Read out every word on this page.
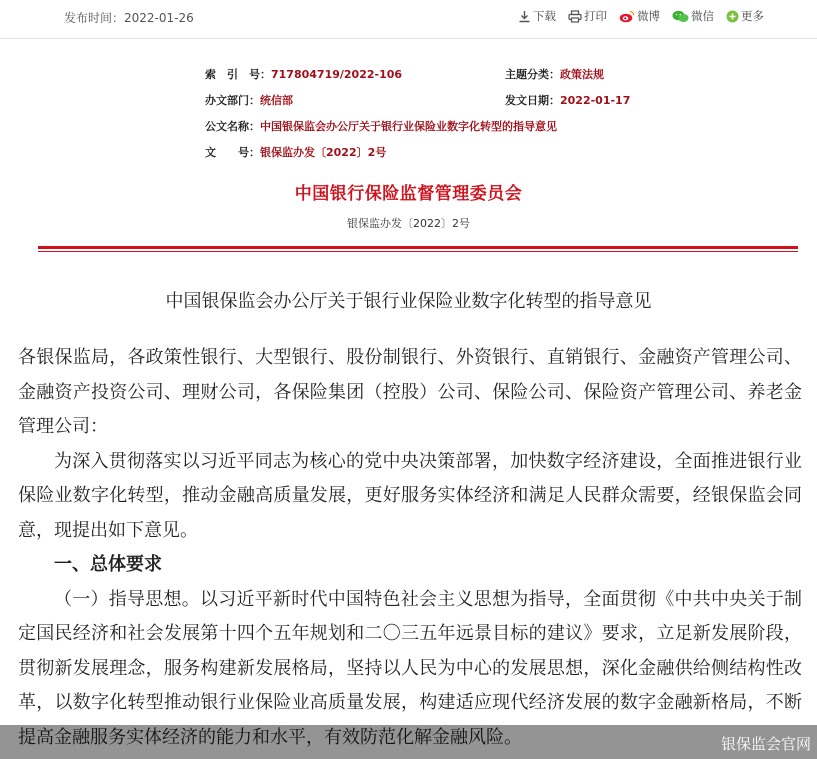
发布时间：2022-01-26	下载 打印	微博	微信 更多
索　引　号：717804719/2022-106	主题分类：政策法规
办文部门：统信部	发文日期：2022-01-17
公文名称：中国银保监会办公厅关于银行业保险业数字化转型的指导意见
文　　号：银保监办发〔2022〕2号
中国银行保险监督管理委员会
银保监办发〔2022〕2号
中国银保监会办公厅关于银行业保险业数字化转型的指导意见

各银保监局，各政策性银行、大型银行、股份制银行、外资银行、直销银行、金融资产管理公司、金融资产投资公司、理财公司，各保险集团（控股）公司、保险公司、保险资产管理公司、养老金管理公司：

为深入贯彻落实以习近平同志为核心的党中央决策部署，加快数字经济建设，全面推进银行业保险业数字化转型，推动金融高质量发展，更好服务实体经济和满足人民群众需要，经银保监会同意，现提出如下意见。

一、总体要求

（一）指导思想。以习近平新时代中国特色社会主义思想为指导，全面贯彻《中共中央关于制定国民经济和社会发展第十四个五年规划和二〇三五年远景目标的建议》要求，立足新发展阶段，贯彻新发展理念，服务构建新发展格局，坚持以人民为中心的发展思想，深化金融供给侧结构性改革，以数字化转型推动银行业保险业高质量发展，构建适应现代经济发展的数字金融新格局，不断提高金融服务实体经济的能力和水平，有效防范化解金融风险。	银保监会官网
